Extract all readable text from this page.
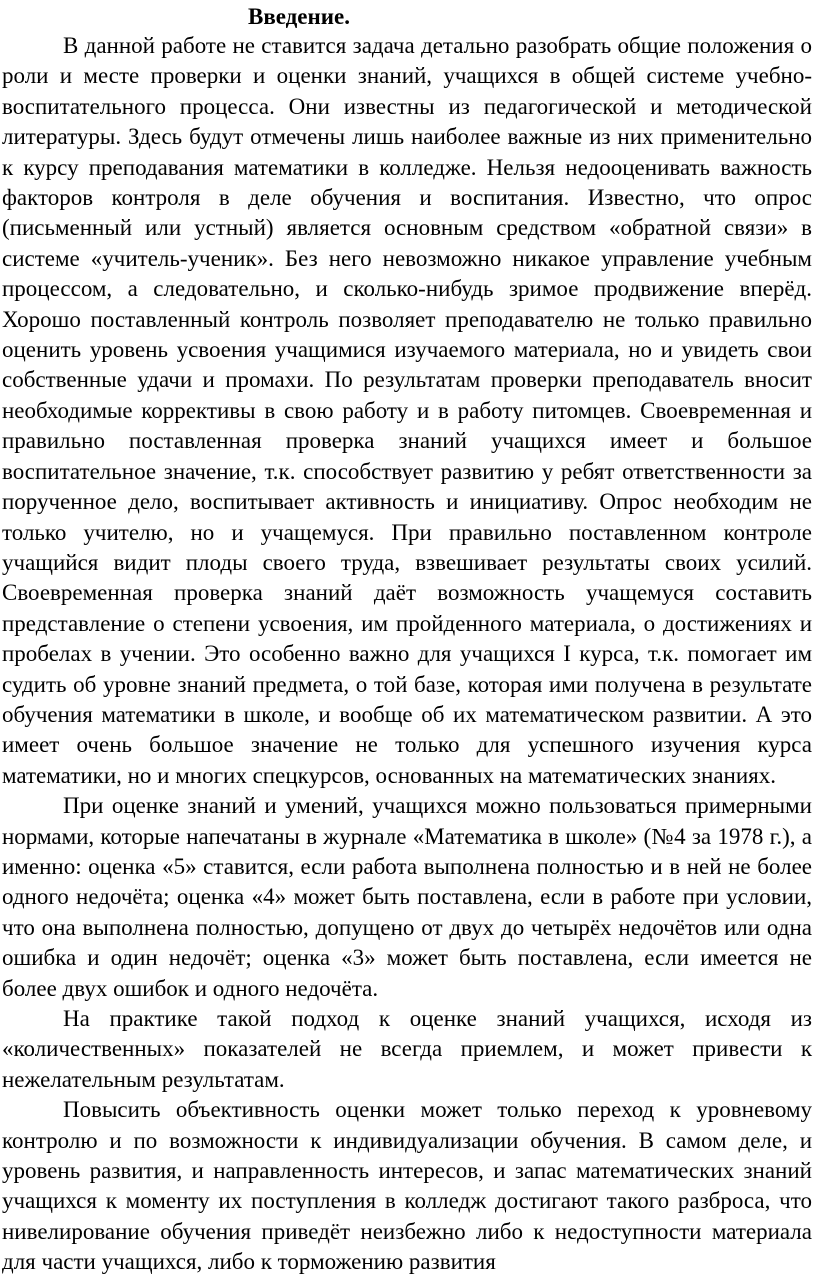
Введение.

В данной работе не ставится задача детально разобрать общие положения о роли и месте проверки и оценки знаний, учащихся в общей системе учебно-воспитательного процесса. Они известны из педагогической и методической литературы. Здесь будут отмечены лишь наиболее важные из них применительно к курсу преподавания математики в колледже. Нельзя недооценивать важность факторов контроля в деле обучения и воспитания. Известно, что опрос (письменный или устный) является основным средством «обратной связи» в системе «учитель-ученик». Без него невозможно никакое управление учебным процессом, а следовательно, и сколько-нибудь зримое продвижение вперёд. Хорошо поставленный контроль позволяет преподавателю не только правильно оценить уровень усвоения учащимися изучаемого материала, но и увидеть свои собственные удачи и промахи. По результатам проверки преподаватель вносит необходимые коррективы в свою работу и в работу питомцев. Своевременная и правильно поставленная проверка знаний учащихся имеет и большое воспитательное значение, т.к. способствует развитию у ребят ответственности за порученное дело, воспитывает активность и инициативу. Опрос необходим не только учителю, но и учащемуся. При правильно поставленном контроле учащийся видит плоды своего труда, взвешивает результаты своих усилий. Своевременная проверка знаний даёт возможность учащемуся составить представление о степени усвоения, им пройденного материала, о достижениях и пробелах в учении. Это особенно важно для учащихся I курса, т.к. помогает им судить об уровне знаний предмета, о той базе, которая ими получена в результате обучения математики в школе, и вообще об их математическом развитии. А это имеет очень большое значение не только для успешного изучения курса математики, но и многих спецкурсов, основанных на математических знаниях.

При оценке знаний и умений, учащихся можно пользоваться примерными нормами, которые напечатаны в журнале «Математика в школе» (№4 за 1978 г.), а именно: оценка «5» ставится, если работа выполнена полностью и в ней не более одного недочёта; оценка «4» может быть поставлена, если в работе при условии, что она выполнена полностью, допущено от двух до четырёх недочётов или одна ошибка и один недочёт; оценка «3» может быть поставлена, если имеется не более двух ошибок и одного недочёта.

На практике такой подход к оценке знаний учащихся, исходя из «количественных» показателей не всегда приемлем, и может привести к нежелательным результатам.

Повысить объективность оценки может только переход к уровневому контролю и по возможности к индивидуализации обучения. В самом деле, и уровень развития, и направленность интересов, и запас математических знаний учащихся к моменту их поступления в колледж достигают такого разброса, что нивелирование обучения приведёт неизбежно либо к недоступности материала для части учащихся, либо к торможению развития
